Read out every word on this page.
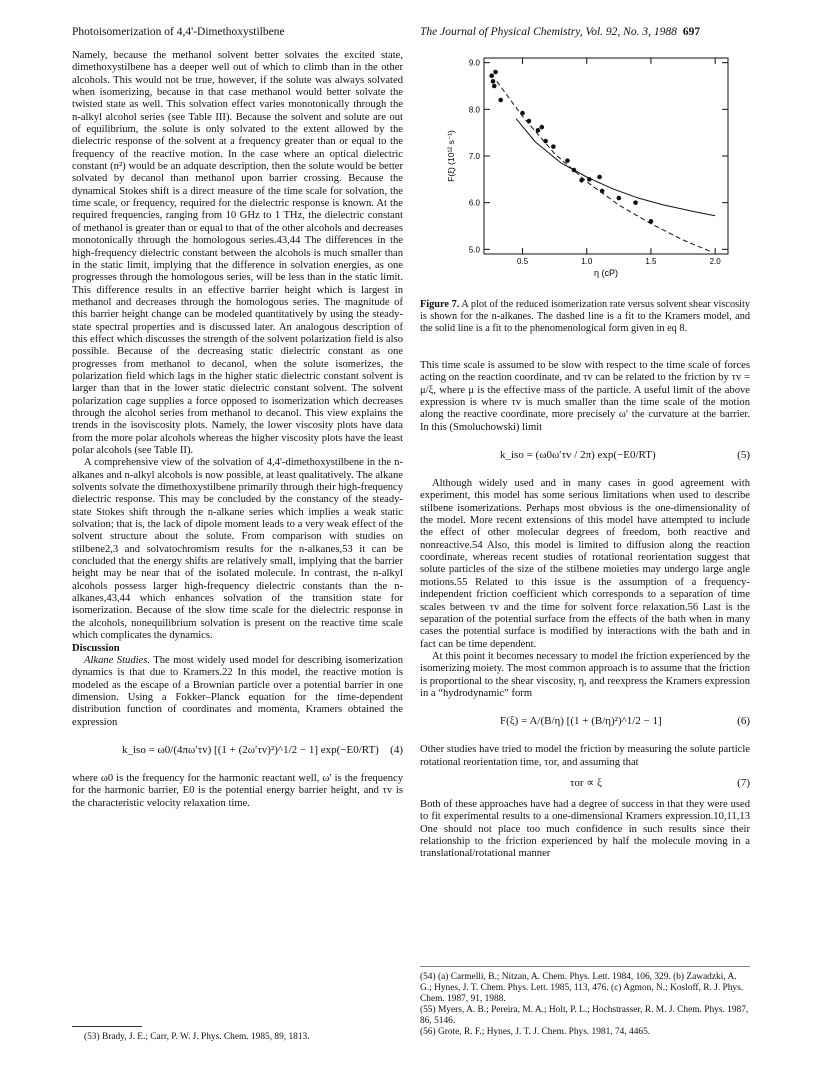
Photoisomerization of 4,4'-Dimethoxystilbene	The Journal of Physical Chemistry, Vol. 92, No. 3, 1988 697

Namely, because the methanol solvent better solvates the excited state, dimethoxystilbene has a deeper well out of which to climb than in the other alcohols. This would not be true, however, if the solute was always solvated when isomerizing, because in that case methanol would better solvate the twisted state as well. This solvation effect varies monotonically through the n-alkyl alcohol series (see Table III). Because the solvent and solute are out of equilibrium, the solute is only solvated to the extent allowed by the dielectric response of the solvent at a frequency greater than or equal to the frequency of the reactive motion. In the case where an optical dielectric constant (n²) would be an adquate description, then the solute would be better solvated by decanol than methanol upon barrier crossing. Because the dynamical Stokes shift is a direct measure of the time scale for solvation, the time scale, or frequency, required for the dielectric response is known. At the required frequencies, ranging from 10 GHz to 1 THz, the dielectric constant of methanol is greater than or equal to that of the other alcohols and decreases monotonically through the homologous series.43,44 The differences in the high-frequency dielectric constant between the alcohols is much smaller than in the static limit, implying that the difference in solvation energies, as one progresses through the homologous series, will be less than in the static limit. This difference results in an effective barrier height which is largest in methanol and decreases through the homologous series. The magnitude of this barrier height change can be modeled quantitatively by using the steady-state spectral properties and is discussed later. An analogous description of this effect which discusses the strength of the solvent polarization field is also possible. Because of the decreasing static dielectric constant as one progresses from methanol to decanol, when the solute isomerizes, the polarization field which lags in the higher static dielectric constant solvent is larger than that in the lower static dielectric constant solvent. The solvent polarization cage supplies a force opposed to isomerization which decreases through the alcohol series from methanol to decanol. This view explains the trends in the isoviscosity plots. Namely, the lower viscosity plots have data from the more polar alcohols whereas the higher viscosity plots have the least polar alcohols (see Table II).

A comprehensive view of the solvation of 4,4'-dimethoxystilbene in the n-alkanes and n-alkyl alcohols is now possible, at least qualitatively. The alkane solvents solvate the dimethoxystilbene primarily through their high-frequency dielectric response. This may be concluded by the constancy of the steady-state Stokes shift through the n-alkane series which implies a weak static solvation; that is, the lack of dipole moment leads to a very weak effect of the solvent structure about the solute. From comparison with studies on stilbene2,3 and solvatochromism results for the n-alkanes,53 it can be concluded that the energy shifts are relatively small, implying that the barrier height may be near that of the isolated molecule. In contrast, the n-alkyl alcohols possess larger high-frequency dielectric constants than the n-alkanes,43,44 which enhances solvation of the transition state for isomerization. Because of the slow time scale for the dielectric response in the alcohols, nonequilibrium solvation is present on the reactive time scale which complicates the dynamics.

Discussion

Alkane Studies. The most widely used model for describing isomerization dynamics is that due to Kramers.22 In this model, the reactive motion is modeled as the escape of a Brownian particle over a potential barrier in one dimension. Using a Fokker–Planck equation for the time-dependent distribution function of coordinates and momenta, Kramers obtained the expression

k_iso = ω0/(4πω′τv) [(1 + (2ω′τv)²)^1/2 − 1] exp(−E0/RT) (4)

where ω0 is the frequency for the harmonic reactant well, ω′ is the frequency for the harmonic barrier, E0 is the potential energy barrier height, and τv is the characteristic velocity relaxation time.

(53) Brady, J. E.; Carr, P. W. J. Phys. Chem. 1985, 89, 1813.
5.0
6.0
7.0
8.0
9.0
0.5	1.0	1.5	2.0
η (cP)
F(ξ) (10¹² s⁻¹)
Figure 7. A plot of the reduced isomerization rate versus solvent shear viscosity is shown for the n-alkanes. The dashed line is a fit to the Kramers model, and the solid line is a fit to the phenomenological form given in eq 8.

This time scale is assumed to be slow with respect to the time scale of forces acting on the reaction coordinate, and τv can be related to the friction by τv = μ/ξ, where μ is the effective mass of the particle. A useful limit of the above expression is where τv is much smaller than the time scale of the motion along the reactive coordinate, more precisely ω′ the curvature at the barrier. In this (Smoluchowski) limit

k_iso = (ω0ω′τv / 2π) exp(−E0/RT)	(5)

Although widely used and in many cases in good agreement with experiment, this model has some serious limitations when used to describe stilbene isomerizations. Perhaps most obvious is the one-dimensionality of the model. More recent extensions of this model have attempted to include the effect of other molecular degrees of freedom, both reactive and nonreactive.54 Also, this model is limited to diffusion along the reaction coordinate, whereas recent studies of rotational reorientation suggest that solute particles of the size of the stilbene moieties may undergo large angle motions.55 Related to this issue is the assumption of a frequency-independent friction coefficient which corresponds to a separation of time scales between τv and the time for solvent force relaxation.56 Last is the separation of the potential surface from the effects of the bath when in many cases the potential surface is modified by interactions with the bath and in fact can be time dependent.

At this point it becomes necessary to model the friction experienced by the isomerizing moiety. The most common approach is to assume that the friction is proportional to the shear viscosity, η, and reexpress the Kramers expression in a “hydrodynamic” form

F(ξ) = A/(B/η) [(1 + (B/η)²)^1/2 − 1]	(6)

Other studies have tried to model the friction by measuring the solute particle rotational reorientation time, τor, and assuming that

τor ∝ ξ	(7)

Both of these approaches have had a degree of success in that they were used to fit experimental results to a one-dimensional Kramers expression.10,11,13 One should not place too much confidence in such results since their relationship to the friction experienced by half the molecule moving in a translational/rotational manner

(54) (a) Carmelli, B.; Nitzan, A. Chem. Phys. Lett. 1984, 106, 329. (b) Zawadzki, A. G.; Hynes, J. T. Chem. Phys. Lett. 1985, 113, 476. (c) Agmon, N.; Kosloff, R. J. Phys. Chem. 1987, 91, 1988.
(55) Myers, A. B.; Pereira, M. A.; Holt, P. L.; Hochstrasser, R. M. J. Chem. Phys. 1987, 86, 5146.
(56) Grote, R. F.; Hynes, J. T. J. Chem. Phys. 1981, 74, 4465.
